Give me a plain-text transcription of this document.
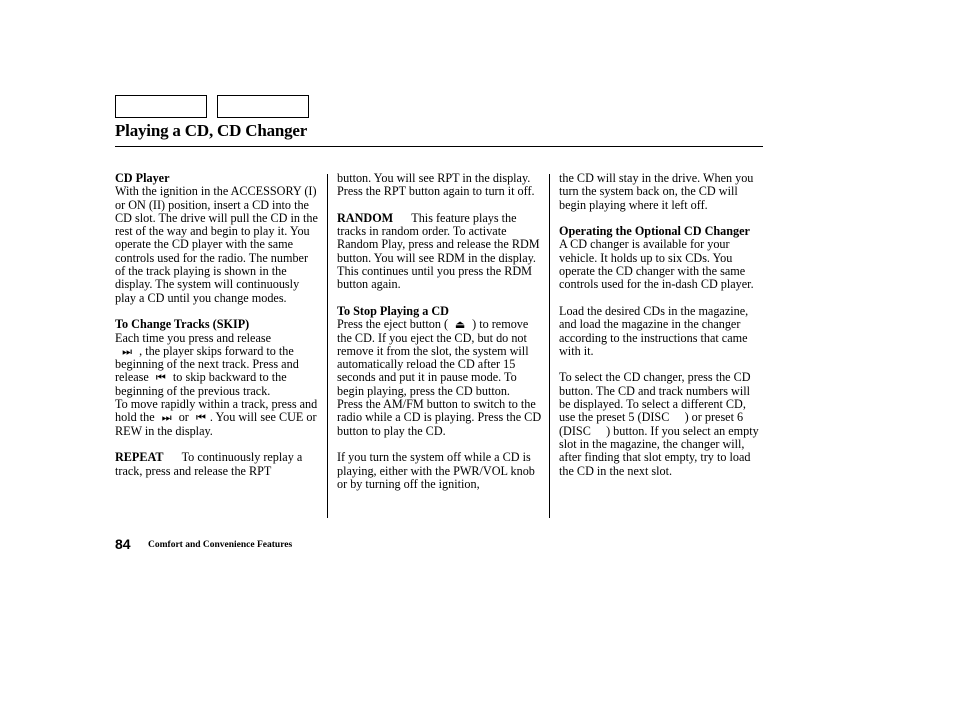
Playing a CD, CD Changer

CD Player

With the ignition in the ACCESSORY (I) or ON (II) position, insert a CD into the CD slot. The drive will pull the CD in the rest of the way and begin to play it. You operate the CD player with the same controls used for the radio. The number of the track playing is shown in the display. The system will continuously play a CD until you change modes.

To Change Tracks (SKIP)

Each time you press and release
⏭ , the player skips forward to the beginning of the next track. Press and release ⏮ to skip backward to the beginning of the previous track.

To move rapidly within a track, press and hold the ⏭ or ⏮ . You will see CUE or REW in the display.

REPEAT To continuously replay a track, press and release the RPT

button. You will see RPT in the display. Press the RPT button again to turn it off.

RANDOM This feature plays the tracks in random order. To activate Random Play, press and release the RDM button. You will see RDM in the display. This continues until you press the RDM button again.

To Stop Playing a CD

Press the eject button ( ⏏ ) to remove the CD. If you eject the CD, but do not remove it from the slot, the system will automatically reload the CD after 15 seconds and put it in pause mode. To begin playing, press the CD button.

Press the AM/FM button to switch to the radio while a CD is playing. Press the CD button to play the CD.

If you turn the system off while a CD is playing, either with the PWR/VOL knob or by turning off the ignition,

the CD will stay in the drive. When you turn the system back on, the CD will begin playing where it left off.

Operating the Optional CD Changer

A CD changer is available for your vehicle. It holds up to six CDs. You operate the CD changer with the same controls used for the in-dash CD player.

Load the desired CDs in the magazine, and load the magazine in the changer according to the instructions that came with it.

To select the CD changer, press the CD button. The CD and track numbers will be displayed. To select a different CD, use the preset 5 (DISC ) or preset 6 (DISC ) button. If you select an empty slot in the magazine, the changer will, after finding that slot empty, try to load the CD in the next slot.

84 Comfort and Convenience Features
